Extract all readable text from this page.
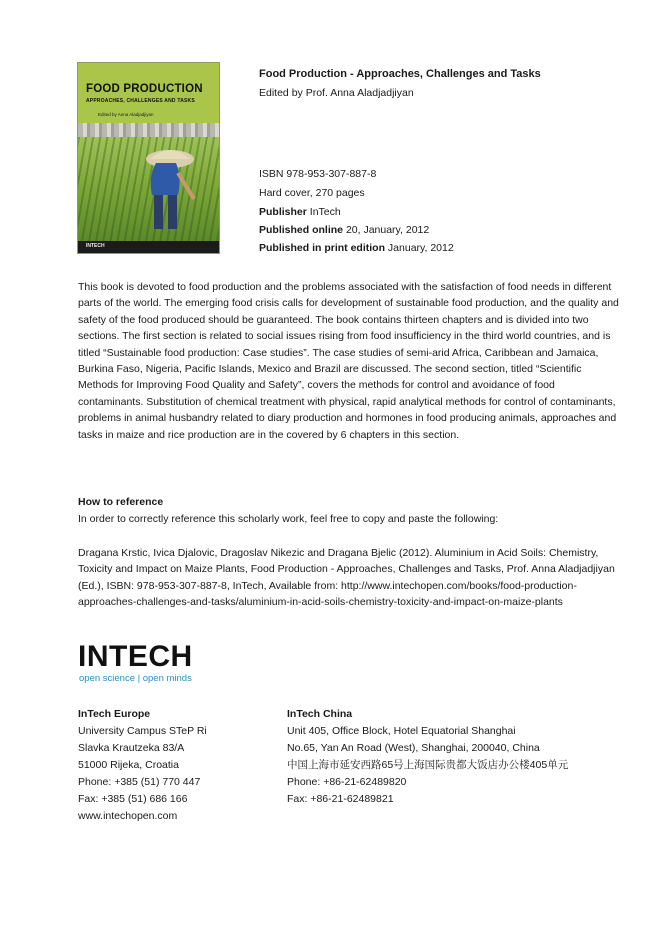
FOOD PRODUCTION
APPROACHES, CHALLENGES AND TASKS
Edited by Anna Aladjadjiyan
INTECH
Food Production - Approaches, Challenges and Tasks
Edited by Prof. Anna Aladjadjiyan
ISBN 978-953-307-887-8
Hard cover, 270 pages
Publisher InTech
Published online 20, January, 2012
Published in print edition January, 2012
This book is devoted to food production and the problems associated with the satisfaction of food needs in different parts of the world. The emerging food crisis calls for development of sustainable food production, and the quality and safety of the food produced should be guaranteed. The book contains thirteen chapters and is divided into two sections. The first section is related to social issues rising from food insufficiency in the third world countries, and is titled “Sustainable food production: Case studies”. The case studies of semi-arid Africa, Caribbean and Jamaica, Burkina Faso, Nigeria, Pacific Islands, Mexico and Brazil are discussed. The second section, titled “Scientific Methods for Improving Food Quality and Safety”, covers the methods for control and avoidance of food contaminants. Substitution of chemical treatment with physical, rapid analytical methods for control of contaminants, problems in animal husbandry related to diary production and hormones in food producing animals, approaches and tasks in maize and rice production are in the covered by 6 chapters in this section.
How to reference
In order to correctly reference this scholarly work, feel free to copy and paste the following:
Dragana Krstic, Ivica Djalovic, Dragoslav Nikezic and Dragana Bjelic (2012). Aluminium in Acid Soils: Chemistry, Toxicity and Impact on Maize Plants, Food Production - Approaches, Challenges and Tasks, Prof. Anna Aladjadjiyan (Ed.), ISBN: 978-953-307-887-8, InTech, Available from: http://www.intechopen.com/books/food-production-approaches-challenges-and-tasks/aluminium-in-acid-soils-chemistry-toxicity-and-impact-on-maize-plants
INTECH
open science | open minds
InTech Europe
University Campus STeP Ri
Slavka Krautzeka 83/A
51000 Rijeka, Croatia
Phone: +385 (51) 770 447
Fax: +385 (51) 686 166
www.intechopen.com
InTech China
Unit 405, Office Block, Hotel Equatorial Shanghai
No.65, Yan An Road (West), Shanghai, 200040, China
中国上海市延安西路65号上海国际贵都大饭店办公楼405单元
Phone: +86-21-62489820
Fax: +86-21-62489821
